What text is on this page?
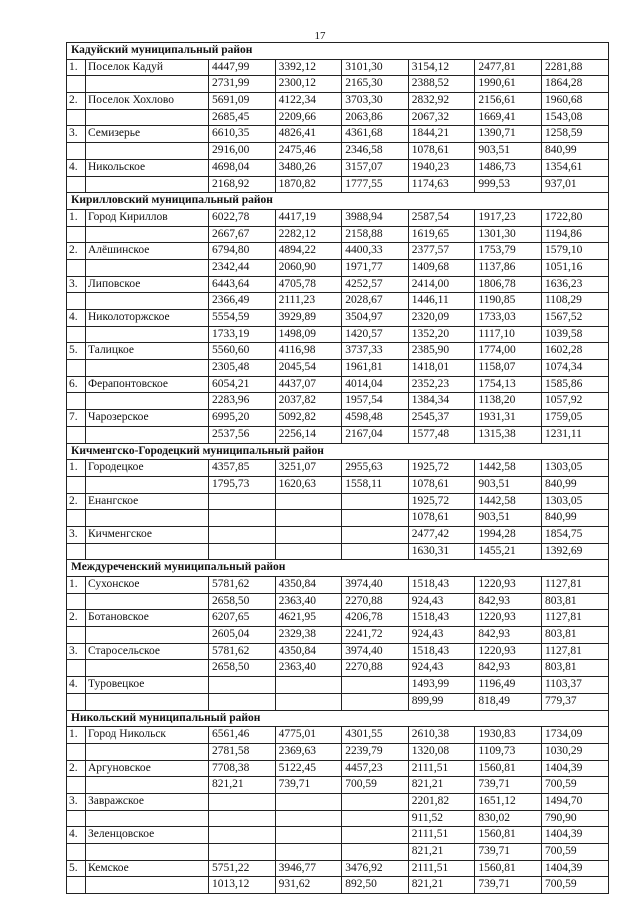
17
Кадуйский муниципальный район							
1.	Поселок Кадуй	4447,99	3392,12	3101,30	3154,12	2477,81	2281,88
		2731,99	2300,12	2165,30	2388,52	1990,61	1864,28
2.	Поселок Хохлово	5691,09	4122,34	3703,30	2832,92	2156,61	1960,68
		2685,45	2209,66	2063,86	2067,32	1669,41	1543,08
3.	Семизерье	6610,35	4826,41	4361,68	1844,21	1390,71	1258,59
		2916,00	2475,46	2346,58	1078,61	903,51	840,99
4.	Никольское	4698,04	3480,26	3157,07	1940,23	1486,73	1354,61
		2168,92	1870,82	1777,55	1174,63	999,53	937,01
Кирилловский муниципальный район							
1.	Город Кириллов	6022,78	4417,19	3988,94	2587,54	1917,23	1722,80
		2667,67	2282,12	2158,88	1619,65	1301,30	1194,86
2.	Алёшинское	6794,80	4894,22	4400,33	2377,57	1753,79	1579,10
		2342,44	2060,90	1971,77	1409,68	1137,86	1051,16
3.	Липовское	6443,64	4705,78	4252,57	2414,00	1806,78	1636,23
		2366,49	2111,23	2028,67	1446,11	1190,85	1108,29
4.	Николоторжское	5554,59	3929,89	3504,97	2320,09	1733,03	1567,52
		1733,19	1498,09	1420,57	1352,20	1117,10	1039,58
5.	Талицкое	5560,60	4116,98	3737,33	2385,90	1774,00	1602,28
		2305,48	2045,54	1961,81	1418,01	1158,07	1074,34
6.	Ферапонтовское	6054,21	4437,07	4014,04	2352,23	1754,13	1585,86
		2283,96	2037,82	1957,54	1384,34	1138,20	1057,92
7.	Чарозерское	6995,20	5092,82	4598,48	2545,37	1931,31	1759,05
		2537,56	2256,14	2167,04	1577,48	1315,38	1231,11
Кичменгско-Городецкий муниципальный район							
1.	Городецкое	4357,85	3251,07	2955,63	1925,72	1442,58	1303,05
		1795,73	1620,63	1558,11	1078,61	903,51	840,99
2.	Енангское				1925,72	1442,58	1303,05
					1078,61	903,51	840,99
3.	Кичменгское				2477,42	1994,28	1854,75
					1630,31	1455,21	1392,69
Междуреченский муниципальный район							
1.	Сухонское	5781,62	4350,84	3974,40	1518,43	1220,93	1127,81
		2658,50	2363,40	2270,88	924,43	842,93	803,81
2.	Ботановское	6207,65	4621,95	4206,78	1518,43	1220,93	1127,81
		2605,04	2329,38	2241,72	924,43	842,93	803,81
3.	Старосельское	5781,62	4350,84	3974,40	1518,43	1220,93	1127,81
		2658,50	2363,40	2270,88	924,43	842,93	803,81
4.	Туровецкое				1493,99	1196,49	1103,37
					899,99	818,49	779,37
Никольский муниципальный район							
1.	Город Никольск	6561,46	4775,01	4301,55	2610,38	1930,83	1734,09
		2781,58	2369,63	2239,79	1320,08	1109,73	1030,29
2.	Аргуновское	7708,38	5122,45	4457,23	2111,51	1560,81	1404,39
		821,21	739,71	700,59	821,21	739,71	700,59
3.	Завражское				2201,82	1651,12	1494,70
					911,52	830,02	790,90
4.	Зеленцовское				2111,51	1560,81	1404,39
					821,21	739,71	700,59
5.	Кемское	5751,22	3946,77	3476,92	2111,51	1560,81	1404,39
		1013,12	931,62	892,50	821,21	739,71	700,59
